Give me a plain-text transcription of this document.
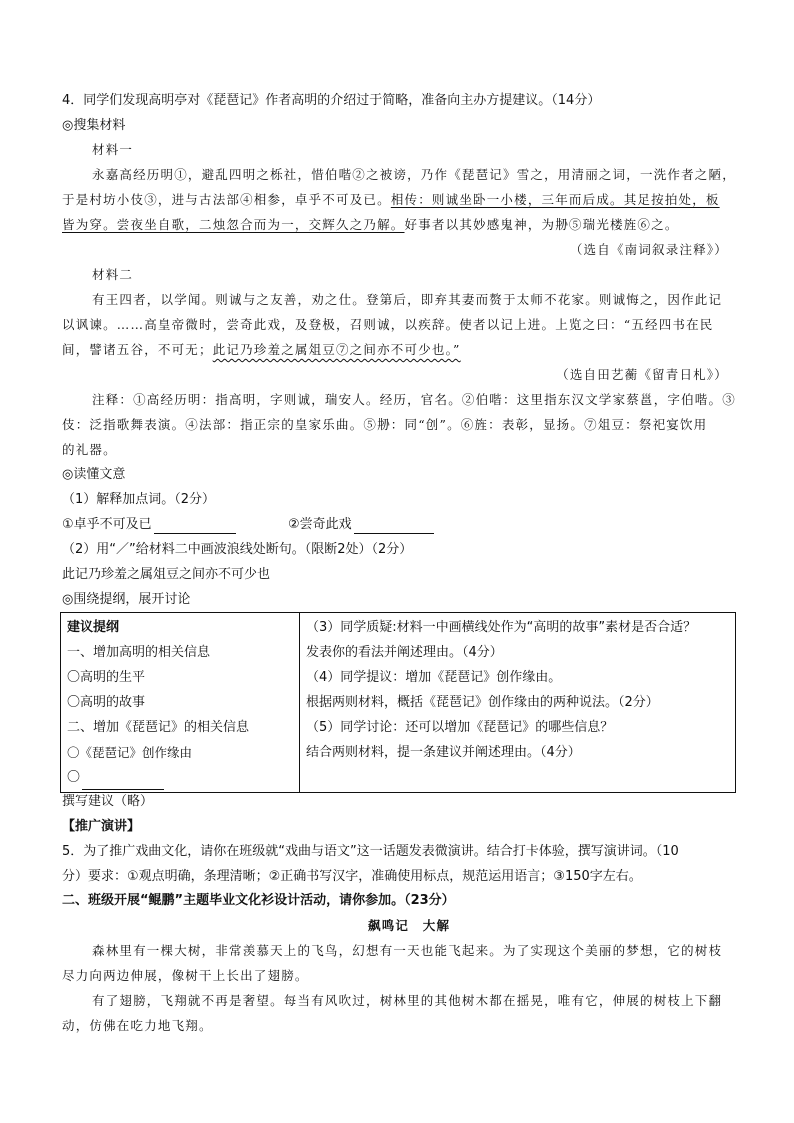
4．同学们发现高明亭对《琵琶记》作者高明的介绍过于简略，准备向主办方提建议。（14分）
◎搜集材料
材料一
永嘉高经历明①，避乱四明之栎社，惜伯喈②之被谤，乃作《琵琶记》雪之，用清丽之词，一洗作者之陋，
于是村坊小伎③，进与古法部④相参，卓乎不可及已。相传：则诚坐卧一小楼，三年而后成。其足按拍处，板
皆为穿。尝夜坐自歌，二烛忽合而为一，交辉久之乃解。好事者以其妙感鬼神，为刱⑤瑞光楼旌⑥之。
（选自《南词叙录注释》）
材料二
有王四者，以学闻。则诚与之友善，劝之仕。登第后，即弃其妻而赘于太师不花家。则诚悔之，因作此记
以讽谏。……高皇帝微时，尝奇此戏，及登极，召则诚，以疾辞。使者以记上进。上览之曰：“五经四书在民
间，譬诸五谷，不可无；此记乃珍羞之属俎豆⑦之间亦不可少也。”
（选自田艺蘅《留青日札》）
注释：①高经历明：指高明，字则诚，瑞安人。经历，官名。②伯喈：这里指东汉文学家蔡邕，字伯喈。③
伎：泛指歌舞表演。④法部：指正宗的皇家乐曲。⑤刱：同“创”。⑥旌：表彰，显扬。⑦俎豆：祭祀宴饮用
的礼器。
◎读懂文意
（1）解释加点词。（2分）
①卓乎不可及已	②尝奇此戏
（2）用“／”给材料二中画波浪线处断句。（限断2处）（2分）
此记乃珍羞之属俎豆之间亦不可少也
◎围绕提纲，展开讨论
建议提纲
一、增加高明的相关信息
〇高明的生平
〇高明的故事
二、增加《琵琶记》的相关信息
〇《琵琶记》创作缘由
〇

（3）同学质疑:材料一中画横线处作为“高明的故事”素材是否合适？
发表你的看法并阐述理由。（4分）
（4）同学提议：增加《琵琶记》创作缘由。
根据两则材料，概括《琵琶记》创作缘由的两种说法。（2分）
（5）同学讨论：还可以增加《琵琶记》的哪些信息？
结合两则材料，提一条建议并阐述理由。（4分）
撰写建议（略）
【推广演讲】
5．为了推广戏曲文化，请你在班级就“戏曲与语文”这一话题发表微演讲。结合打卡体验，撰写演讲词。（10
分）要求：①观点明确，条理清晰；②正确书写汉字，准确使用标点，规范运用语言；③150字左右。
二、班级开展“鲲鹏”主题毕业文化衫设计活动，请你参加。（23分）
飙鸣记　大解
森林里有一棵大树，非常羡慕天上的飞鸟，幻想有一天也能飞起来。为了实现这个美丽的梦想，它的树枝
尽力向两边伸展，像树干上长出了翅膀。
有了翅膀，飞翔就不再是奢望。每当有风吹过，树林里的其他树木都在摇晃，唯有它，伸展的树枝上下翻
动，仿佛在吃力地飞翔。
